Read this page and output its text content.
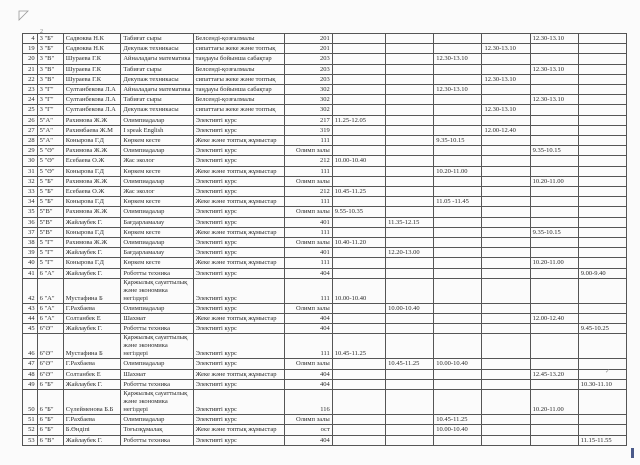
2
4	3 "Б"	Садвоква Н.К	Табиғат сыры	Белсенді-қозғалмалы	201					12.30-13.10	
19	3 "Б"	Садвоква Н.К	Декупаж техникасы	сипаттағы жеке және топтық	201				12.30-13.10		
20	3 "В"	Шураева Г.К	Айналадағы математика	таңдауы бойынша сабақтар	203			12.30-13.10			
21	3 "В"	Шураева Г.К	Табиғат сыры	Белсенді-қозғалмалы	203					12.30-13.10	
22	3 "В"	Шураева Г.К	Декупаж техникасы	сипаттағы жеке және топтық	203				12.30-13.10		
23	3 "Г"	Султанбекова Л.А	Айналадағы математика	таңдауы бойынша сабақтар	302			12.30-13.10			
24	3 "Г"	Султанбекова Л.А	Табиғат сыры	Белсенді-қозғалмалы	302					12.30-13.10	
25	3 "Г"	Султанбекова Л.А	Декупаж техникасы	сипаттағы жеке және топтық	302				12.30-13.10		
26	5"А"	Рахимова Ж.Ж	Олимпиадалар	Элективті курс	217	11.25-12.05					
27	5"А"	Рахимбаева Ж.М	I speak English	Элективті курс	319				12.00-12.40		
28	5"А"	Конырова Г.Д	Көркем кесте	Жеке және топтық жұмыстар	111			9.35-10.15			
29	5 "Ә"	Рахимова Ж.Ж	Олимпиадалар	Элективті курс	Олимп залы					9.35-10.15	
30	5 "Ә"	Есебаева О.Ж	Жас эколог	Элективті курс	212	10.00-10.40					
31	5 "Ә"	Конырова Г.Д	Көркем кесте	Жеке және топтық жұмыстар	111			10.20-11.00			
32	5 "Б"	Рахимова Ж.Ж	Олимпиадалар	Элективті курс	Олимп залы					10.20-11.00	
33	5 "Б"	Есебаева О.Ж	Жас эколог	Элективті курс	212	10.45-11.25					
34	5 "Б"	Конырова Г.Д	Көркем кесте	Жеке және топтық жұмыстар	111			11.05 -11.45			
35	5"В"	Рахимова Ж.Ж	Олимпиадалар	Элективті курс	Олимп залы	9.55-10.35					
36	5"В"	Жайлаубек Г.	Бағдарламалау	Элективті курс	401		11.35-12.15				
37	5"В"	Конырова Г.Д	Көркем кесте	Жеке және топтық жұмыстар	111					9.35-10.15	
38	5 "Г"	Рахимова Ж.Ж	Олимпиадалар	Элективті курс	Олимп залы	10.40-11.20					
39	5 "Г"	Жайлаубек Г.	Бағдарламалау	Элективті курс	401		12.20-13.00				
40	5 "Г"	Конырова Г.Д	Көркем кесте	Жеке және топтық жұмыстар	111					10.20-11.00	
41	6 "А"	Жайлаубек Г.	Роботты техника	Элективті курс	404						9.00-9.40
42	6 "А"	Мустафина Б	Қаржылық сауаттылық және экономика негіздері	Элективті курс	111	10.00-10.40					
43	6 "А"	Г.Рахбаева	Олимпиадалар	Элективті курс	Олимп залы		10.00-10.40				
44	6 "А"	Солтанбек Е	Шахмат	Жеке және топтық жұмыстар	404					12.00-12.40	
45	6"Ә"	Жайлаубек Г.	Роботты техника	Элективті курс	404						9.45-10.25
46	6"Ә"	Мустафина Б	Қаржылық сауаттылық және экономика негіздері	Элективті курс	111	10.45-11.25					
47	6"Ә"	Г.Рахбаева	Олимпиадалар	Элективті курс	Олимп залы		10.45-11.25	10.00-10.40			
48	6"Ә"	Солтанбек Е	Шахмат	Жеке және топтық жұмыстар	404					12.45-13.20	
49	6 "Б"	Жайлаубек Г.	Роботты техника	Элективті курс	404						10.30-11.10
50	6 "Б"	Сүлейменова Б.Б	Қаржылық сауаттылық және экономика негіздері	Элективті курс	116					10.20-11.00	
51	6 "Б"	Г.Рахбаева	Олимпиадалар	Элективті курс	Олимп залы			10.45-11.25			
52	6 "Б"	Б.Өндіпі	Тоғызқұмалақ	Жеке және топтық жұмыстар	ост			10.00-10.40			
53	6 "В"	Жайлаубек Г.	Роботты техника	Элективті курс	404						11.15-11.55
✓
